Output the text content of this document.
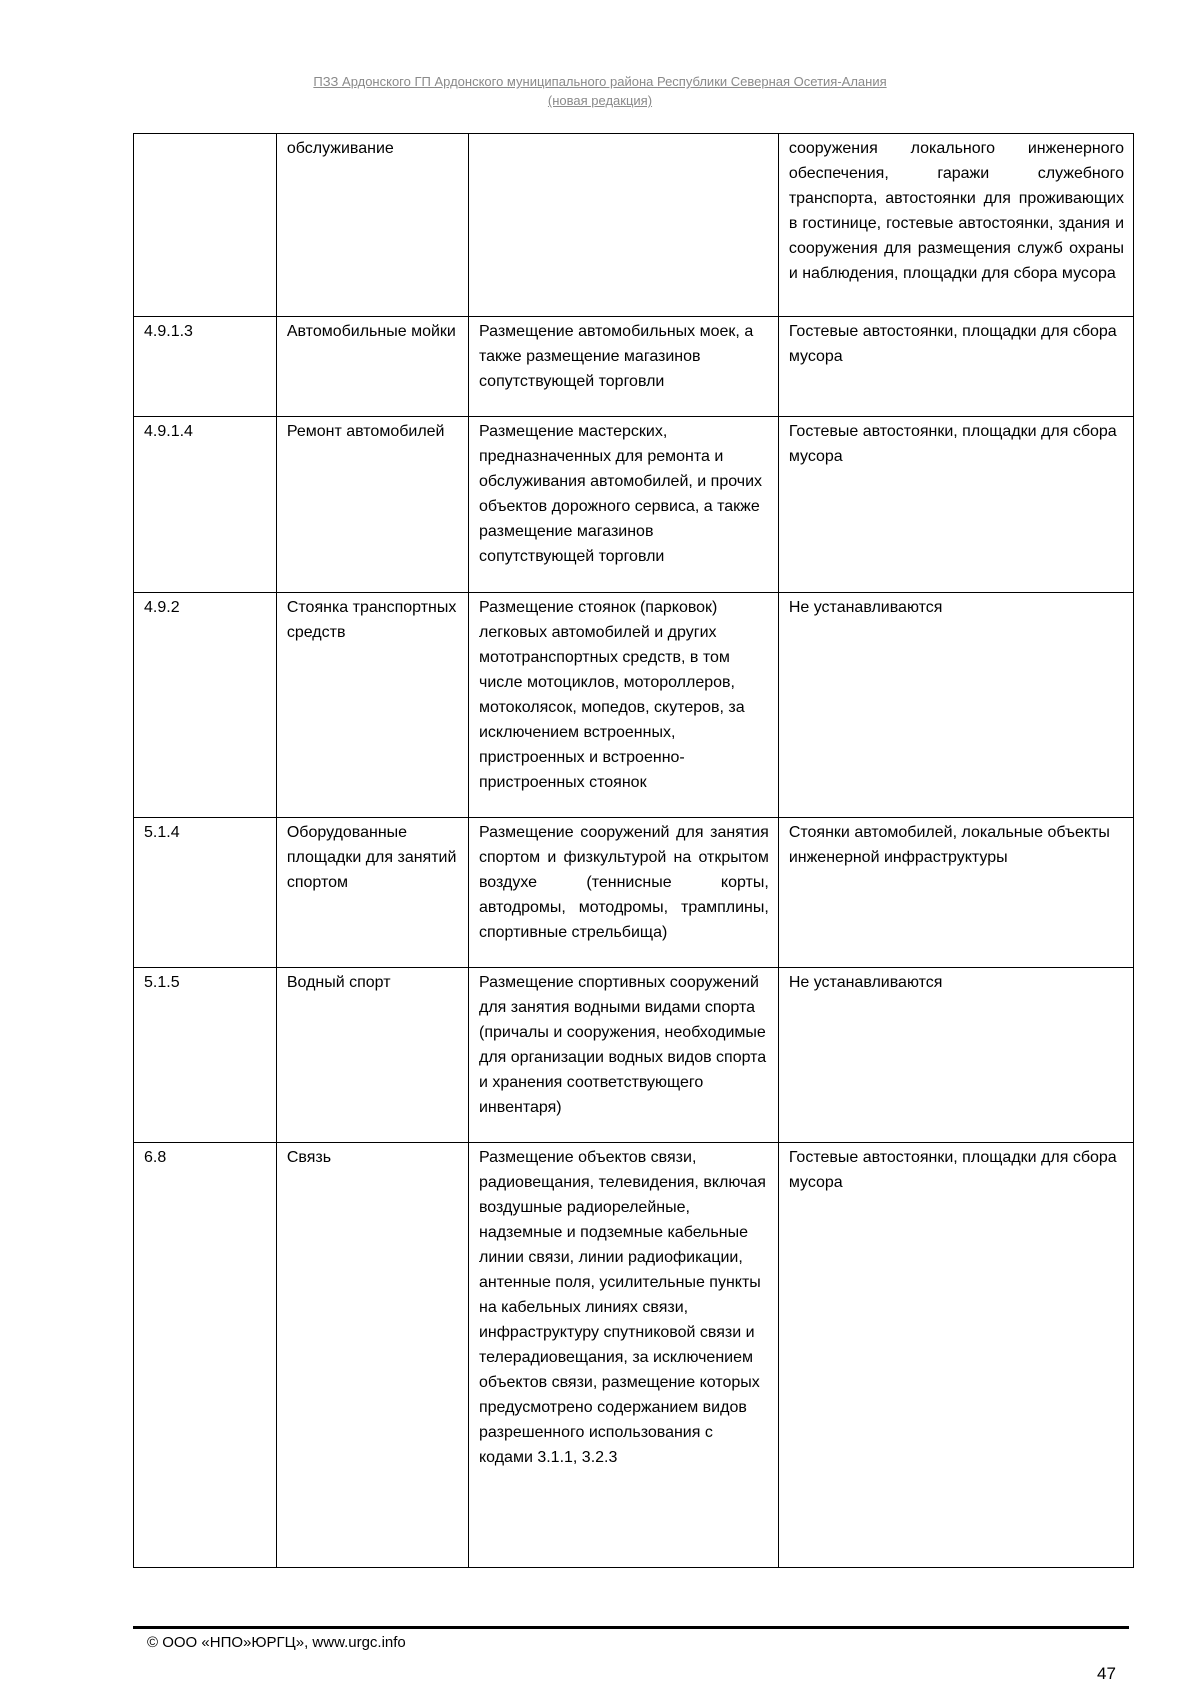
ПЗЗ Ардонского ГП Ардонского муниципального района Республики Северная Осетия-Алания
(новая редакция)
	обслуживание		сооружения локального инженерного обеспечения, гаражи служебного транспорта, автостоянки для проживающих в гостинице, гостевые автостоянки, здания и сооружения для размещения служб охраны и наблюдения, площадки для сбора мусора
4.9.1.3	Автомобильные мойки	Размещение автомобильных моек, а также размещение магазинов сопутствующей торговли	Гостевые автостоянки, площадки для сбора мусора
4.9.1.4	Ремонт автомобилей	Размещение мастерских, предназначенных для ремонта и обслуживания автомобилей, и прочих объектов дорожного сервиса, а также размещение магазинов сопутствующей торговли	Гостевые автостоянки, площадки для сбора мусора
4.9.2	Стоянка транспортных средств	Размещение стоянок (парковок) легковых автомобилей и других мототранспортных средств, в том числе мотоциклов, мотороллеров, мотоколясок, мопедов, скутеров, за исключением встроенных, пристроенных и встроенно-пристроенных стоянок	Не устанавливаются
5.1.4	Оборудованные площадки для занятий спортом	Размещение сооружений для занятия спортом и физкультурой на открытом воздухе (теннисные корты, автодромы, мотодромы, трамплины, спортивные стрельбища)	Стоянки автомобилей, локальные объекты инженерной инфраструктуры
5.1.5	Водный спорт	Размещение спортивных сооружений для занятия водными видами спорта (причалы и сооружения, необходимые для организации водных видов спорта и хранения соответствующего инвентаря)	Не устанавливаются
6.8	Связь	Размещение объектов связи, радиовещания, телевидения, включая воздушные радиорелейные, надземные и подземные кабельные линии связи, линии радиофикации, антенные поля, усилительные пункты на кабельных линиях связи, инфраструктуру спутниковой связи и телерадиовещания, за исключением объектов связи, размещение которых предусмотрено содержанием видов разрешенного использования с кодами 3.1.1, 3.2.3	Гостевые автостоянки, площадки для сбора мусора
© ООО «НПО»ЮРГЦ», www.urgc.info
47
